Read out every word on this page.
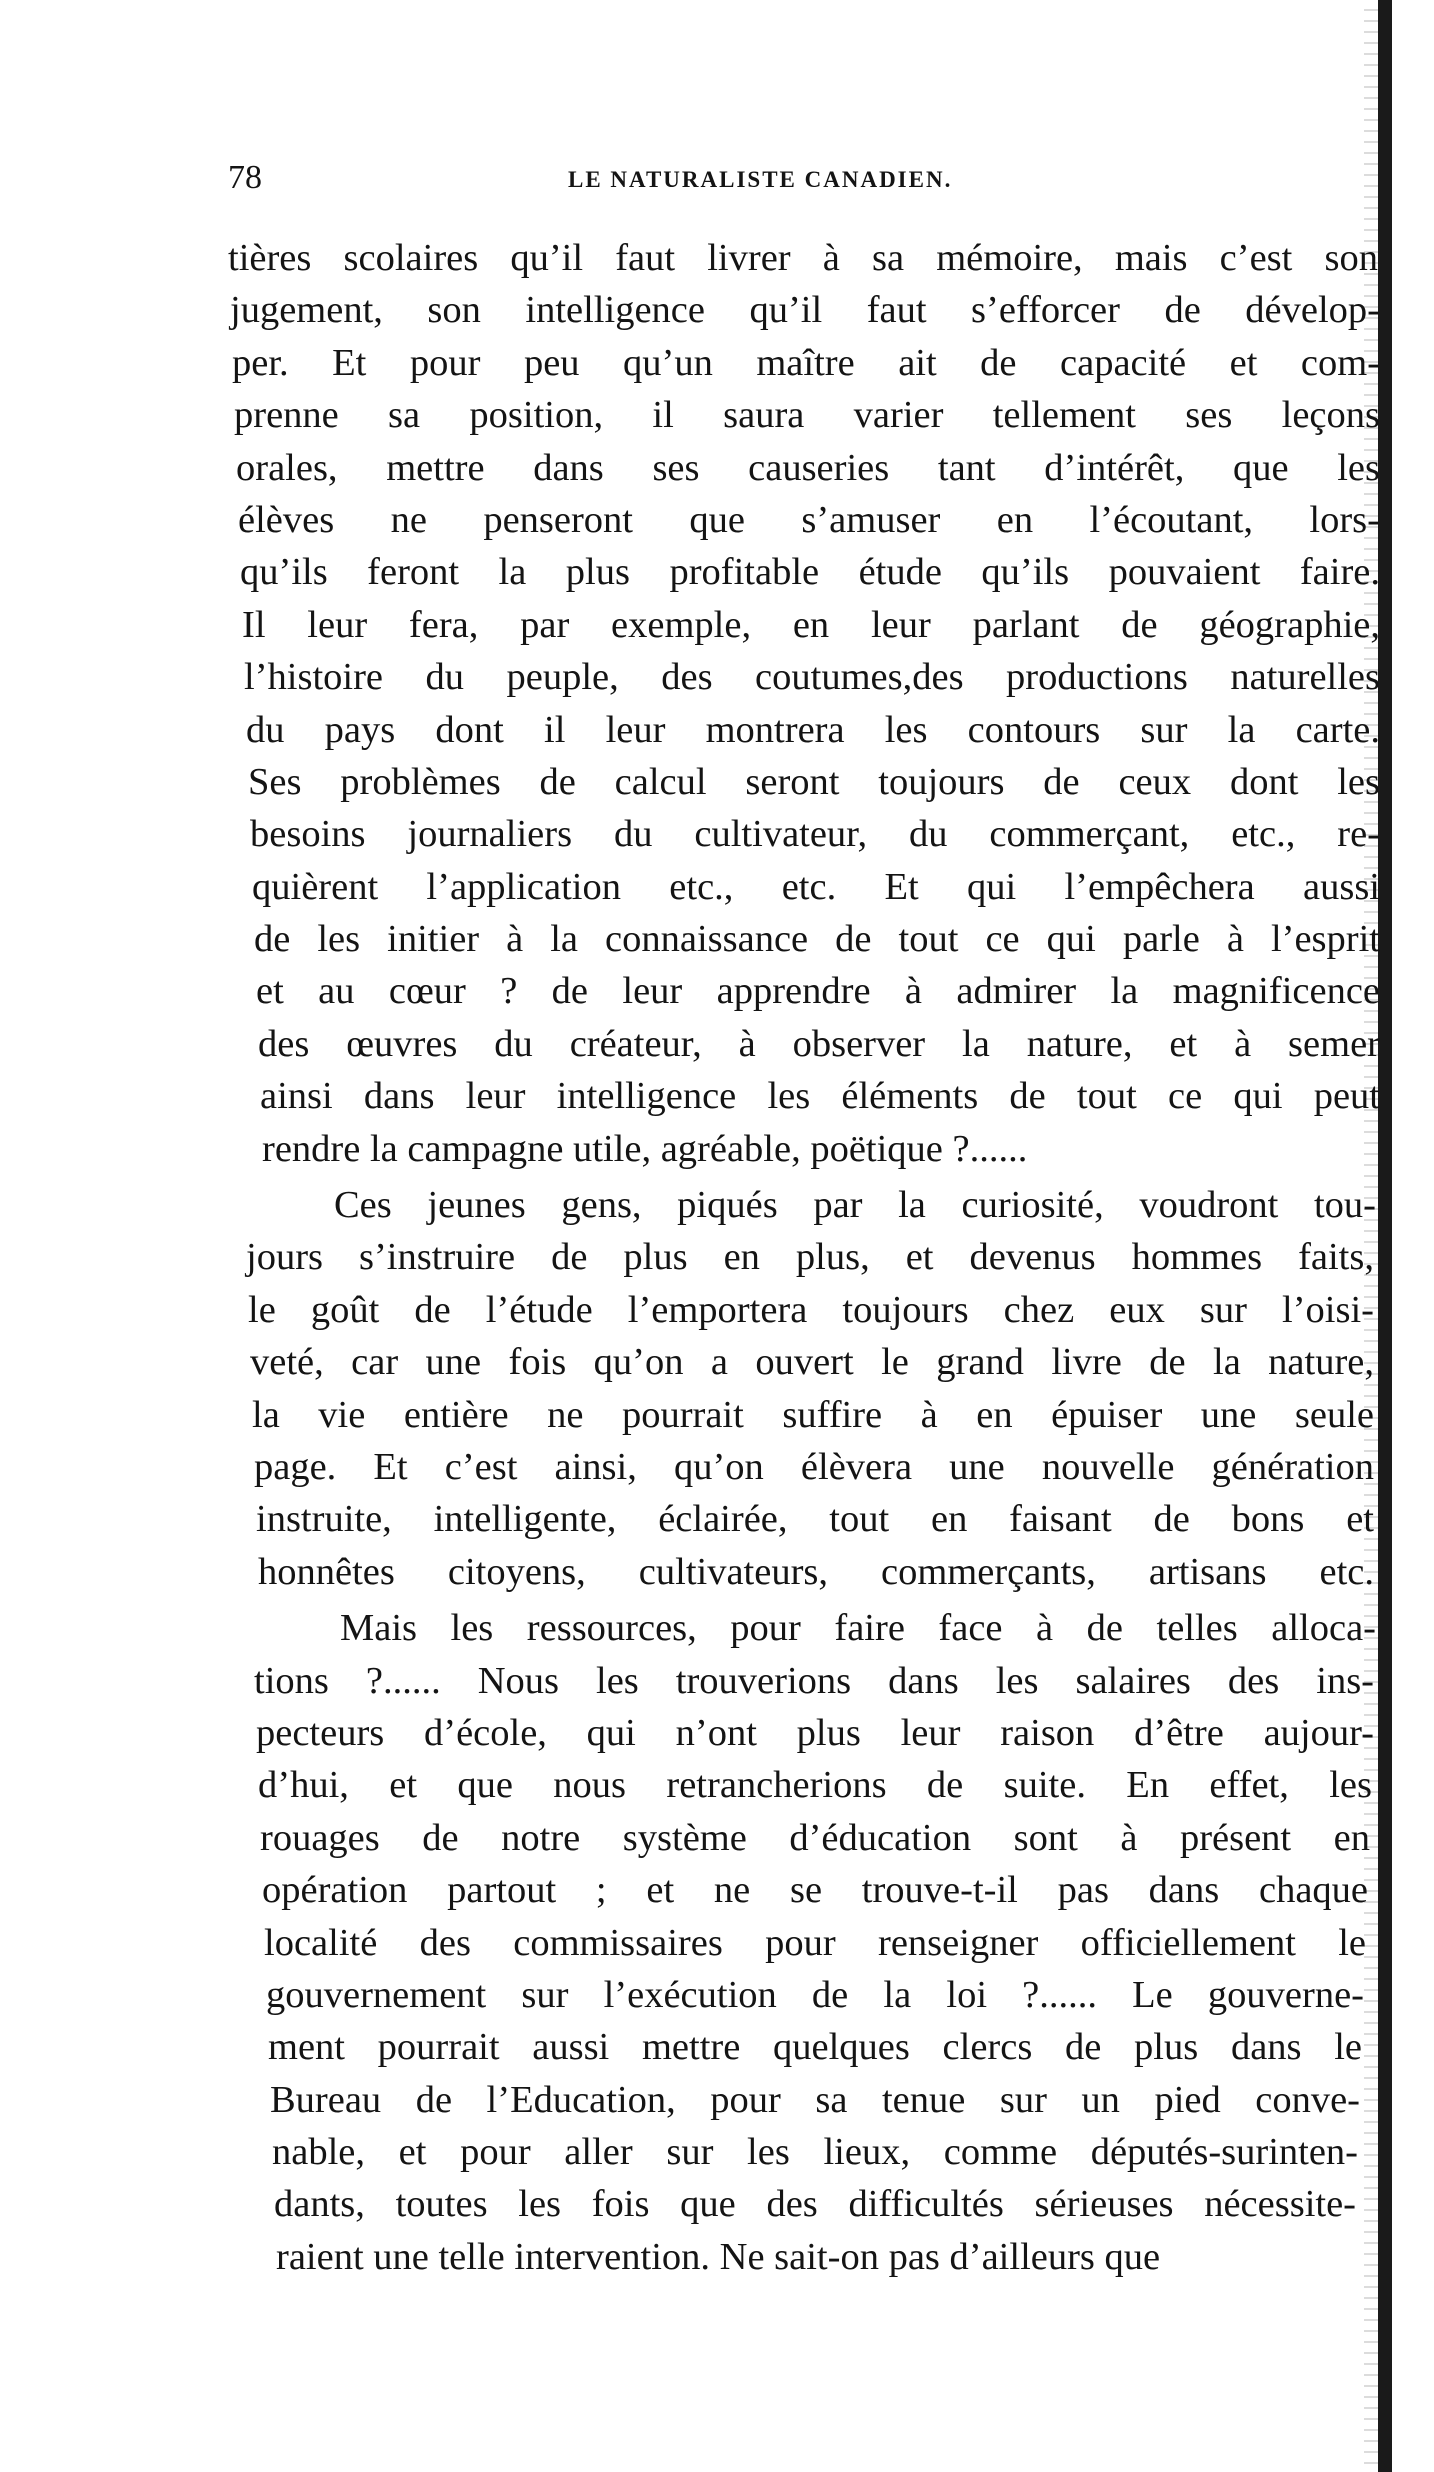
78	LE NATURALISTE CANADIEN.
tières scolaires qu’il faut livrer à sa mémoire, mais c’est son
jugement, son intelligence qu’il faut s’efforcer de dévelop-
per. Et pour peu qu’un maître ait de capacité et com-
prenne sa position, il saura varier tellement ses leçons
orales, mettre dans ses causeries tant d’intérêt, que les
élèves ne penseront que s’amuser en l’écoutant, lors-
qu’ils feront la plus profitable étude qu’ils pouvaient faire.
Il leur fera, par exemple, en leur parlant de géographie,
l’histoire du peuple, des coutumes,des productions naturelles
du pays dont il leur montrera les contours sur la carte.
Ses problèmes de calcul seront toujours de ceux dont les
besoins journaliers du cultivateur, du commerçant, etc., re-
quièrent l’application etc., etc. Et qui l’empêchera aussi
de les initier à la connaissance de tout ce qui parle à l’esprit
et au cœur ? de leur apprendre à admirer la magnificence
des œuvres du créateur, à observer la nature, et à semer
ainsi dans leur intelligence les éléments de tout ce qui peut
rendre la campagne utile, agréable, poëtique ?......
Ces jeunes gens, piqués par la curiosité, voudront tou-
jours s’instruire de plus en plus, et devenus hommes faits,
le goût de l’étude l’emportera toujours chez eux sur l’oisi-
veté, car une fois qu’on a ouvert le grand livre de la nature,
la vie entière ne pourrait suffire à en épuiser une seule
page. Et c’est ainsi, qu’on élèvera une nouvelle génération
instruite, intelligente, éclairée, tout en faisant de bons et
honnêtes citoyens, cultivateurs, commerçants, artisans etc.
Mais les ressources, pour faire face à de telles alloca-
tions ?...... Nous les trouverions dans les salaires des ins-
pecteurs d’école, qui n’ont plus leur raison d’être aujour-
d’hui, et que nous retrancherions de suite. En effet, les
rouages de notre système d’éducation sont à présent en
opération partout ; et ne se trouve-t-il pas dans chaque
localité des commissaires pour renseigner officiellement le
gouvernement sur l’exécution de la loi ?...... Le gouverne-
ment pourrait aussi mettre quelques clercs de plus dans le
Bureau de l’Education, pour sa tenue sur un pied conve-
nable, et pour aller sur les lieux, comme députés-surinten-
dants, toutes les fois que des difficultés sérieuses nécessite-
raient une telle intervention. Ne sait-on pas d’ailleurs que
